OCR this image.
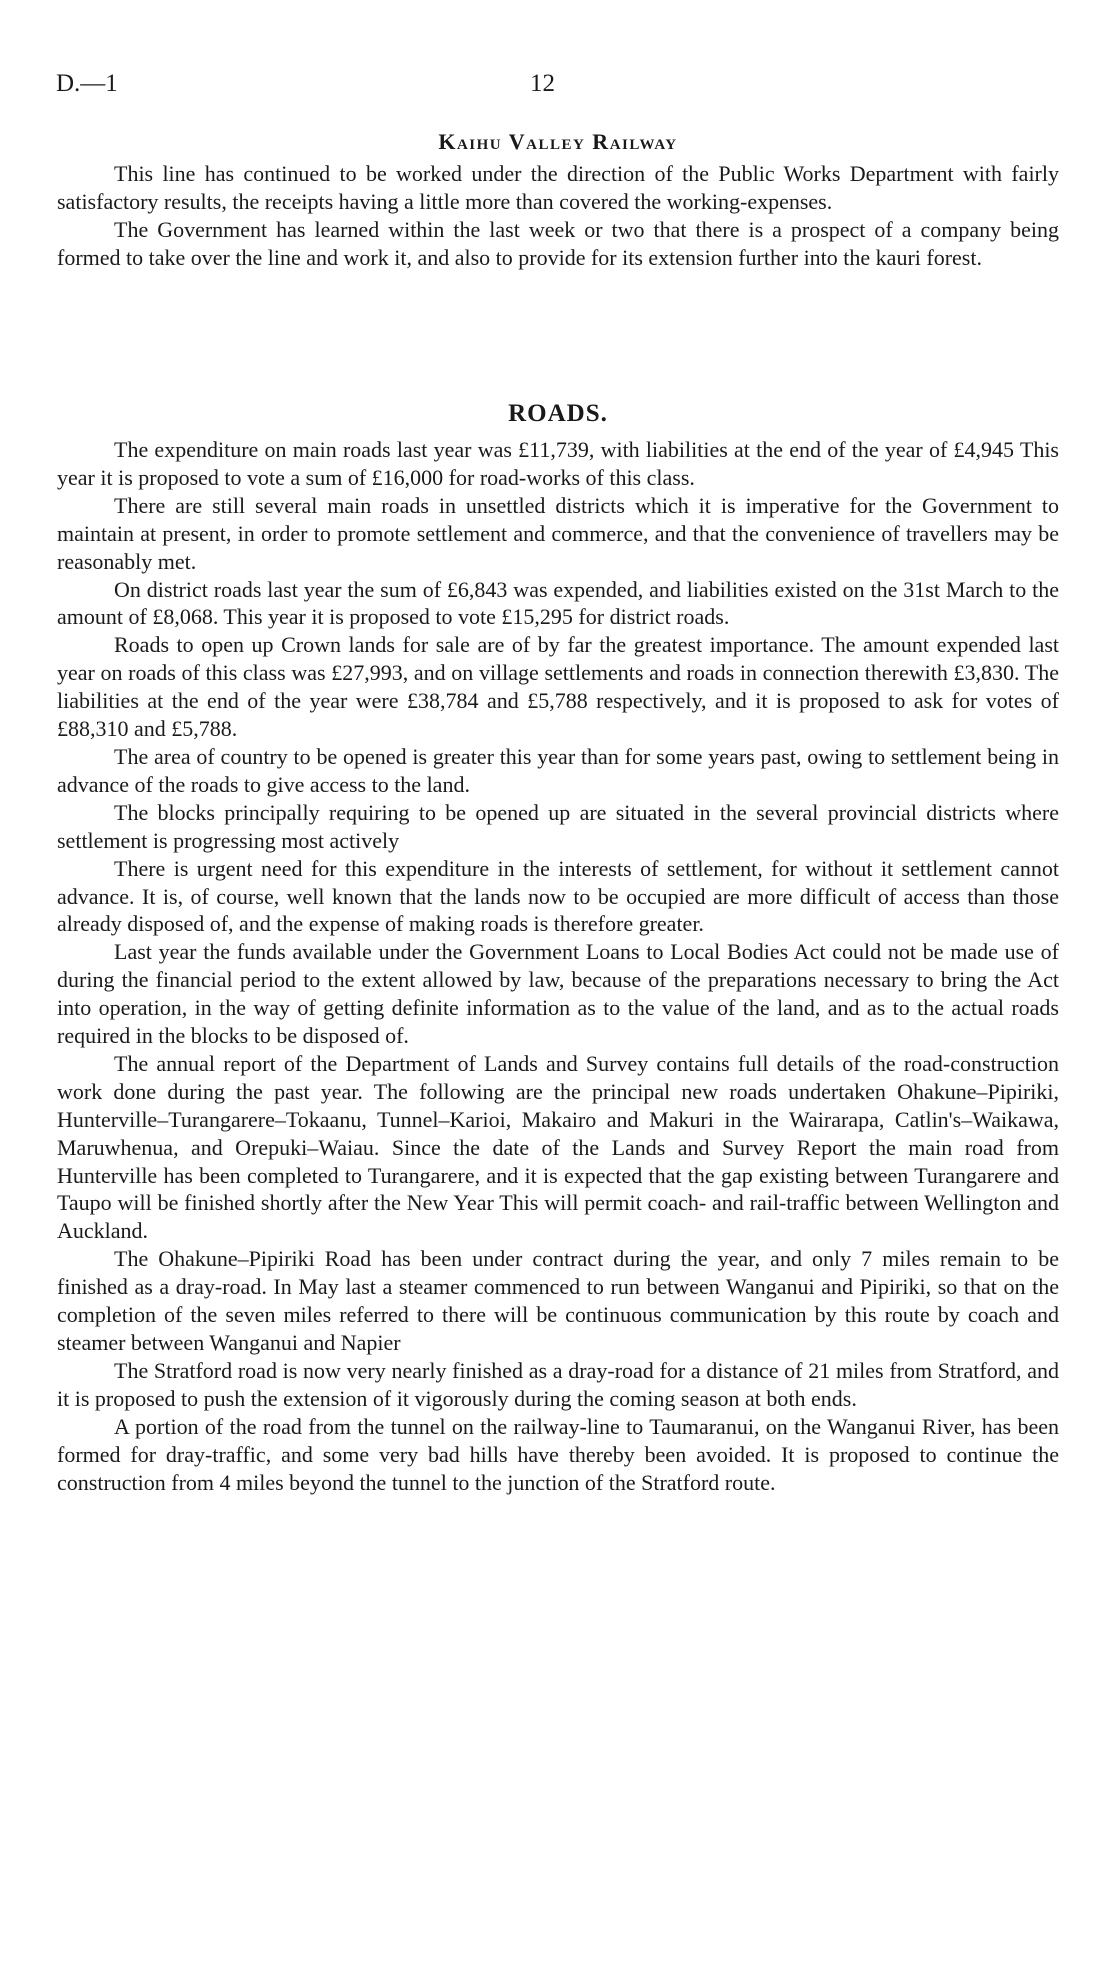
D.—1	12
Kaihu Valley Railway

This line has continued to be worked under the direction of the Public Works Department with fairly satisfactory results, the receipts having a little more than covered the working-expenses.

The Government has learned within the last week or two that there is a prospect of a company being formed to take over the line and work it, and also to provide for its extension further into the kauri forest.

ROADS.

The expenditure on main roads last year was £11,739, with liabilities at the end of the year of £4,945 This year it is proposed to vote a sum of £16,000 for road-works of this class.

There are still several main roads in unsettled districts which it is imperative for the Government to maintain at present, in order to promote settlement and commerce, and that the convenience of travellers may be reasonably met.

On district roads last year the sum of £6,843 was expended, and liabilities existed on the 31st March to the amount of £8,068. This year it is proposed to vote £15,295 for district roads.

Roads to open up Crown lands for sale are of by far the greatest importance. The amount expended last year on roads of this class was £27,993, and on village settlements and roads in connection therewith £3,830. The liabilities at the end of the year were £38,784 and £5,788 respectively, and it is proposed to ask for votes of £88,310 and £5,788.

The area of country to be opened is greater this year than for some years past, owing to settlement being in advance of the roads to give access to the land.

The blocks principally requiring to be opened up are situated in the several provincial districts where settlement is progressing most actively

There is urgent need for this expenditure in the interests of settlement, for without it settlement cannot advance. It is, of course, well known that the lands now to be occupied are more difficult of access than those already disposed of, and the expense of making roads is therefore greater.

Last year the funds available under the Government Loans to Local Bodies Act could not be made use of during the financial period to the extent allowed by law, because of the preparations necessary to bring the Act into operation, in the way of getting definite information as to the value of the land, and as to the actual roads required in the blocks to be disposed of.

The annual report of the Department of Lands and Survey contains full details of the road-construction work done during the past year. The following are the principal new roads undertaken Ohakune–Pipiriki, Hunterville–Turangarere–Tokaanu, Tunnel–Karioi, Makairo and Makuri in the Wairarapa, Catlin's–Waikawa, Maruwhenua, and Orepuki–Waiau. Since the date of the Lands and Survey Report the main road from Hunterville has been completed to Turangarere, and it is expected that the gap existing between Turangarere and Taupo will be finished shortly after the New Year This will permit coach- and rail-traffic between Wellington and Auckland.

The Ohakune–Pipiriki Road has been under contract during the year, and only 7 miles remain to be finished as a dray-road. In May last a steamer commenced to run between Wanganui and Pipiriki, so that on the completion of the seven miles referred to there will be continuous communication by this route by coach and steamer between Wanganui and Napier

The Stratford road is now very nearly finished as a dray-road for a distance of 21 miles from Stratford, and it is proposed to push the extension of it vigorously during the coming season at both ends.

A portion of the road from the tunnel on the railway-line to Taumaranui, on the Wanganui River, has been formed for dray-traffic, and some very bad hills have thereby been avoided. It is proposed to continue the construction from 4 miles beyond the tunnel to the junction of the Stratford route.
